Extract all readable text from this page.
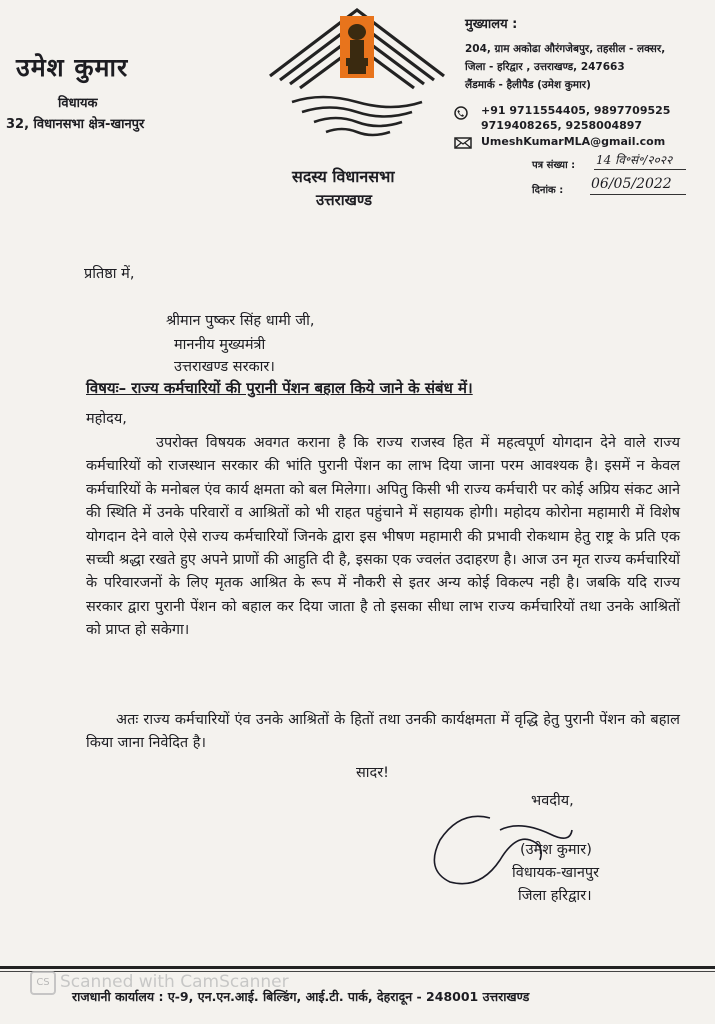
उमेश कुमार
विधायक
32, विधानसभा क्षेत्र-खानपुर
सदस्य विधानसभा
उत्तराखण्ड
मुख्यालय :
204, ग्राम अकोढा औरंगजेबपुर, तहसील - लक्सर,
जिला - हरिद्वार , उत्तराखण्ड, 247663
लैंडमार्क - हैलीपैड (उमेश कुमार)
+91 9711554405, 9897709525
9719408265, 9258004897
UmeshKumarMLA@gmail.com
पत्र संख्या : 14 वि॰सं॰/२०२२
दिनांक : 06/05/2022
प्रतिष्ठा में,
श्रीमान पुष्कर सिंह धामी जी,
माननीय मुख्यमंत्री
उत्तराखण्ड सरकार।
विषयः– राज्य कर्मचारियों की पुरानी पेंशन बहाल किये जाने के संबंध में।
महोदय,
उपरोक्त विषयक अवगत कराना है कि राज्य राजस्व हित में महत्वपूर्ण योगदान देने वाले राज्य कर्मचारियों को राजस्थान सरकार की भांति पुरानी पेंशन का लाभ दिया जाना परम आवश्यक है। इसमें न केवल कर्मचारियों के मनोबल एंव कार्य क्षमता को बल मिलेगा। अपितु किसी भी राज्य कर्मचारी पर कोई अप्रिय संकट आने की स्थिति में उनके परिवारों व आश्रितों को भी राहत पहुंचाने में सहायक होगी। महोदय कोरोना महामारी में विशेष योगदान देने वाले ऐसे राज्य कर्मचारियों जिनके द्वारा इस भीषण महामारी की प्रभावी रोकथाम हेतु राष्ट्र के प्रति एक सच्ची श्रद्धा रखते हुए अपने प्राणों की आहुति दी है, इसका एक ज्वलंत उदाहरण है। आज उन मृत राज्य कर्मचारियों के परिवारजनों के लिए मृतक आश्रित के रूप में नौकरी से इतर अन्य कोई विकल्प नही है। जबकि यदि राज्य सरकार द्वारा पुरानी पेंशन को बहाल कर दिया जाता है तो इसका सीधा लाभ राज्य कर्मचारियों तथा उनके आश्रितों को प्राप्त हो सकेगा।
अतः राज्य कर्मचारियों एंव उनके आश्रितों के हितों तथा उनकी कार्यक्षमता में वृद्धि हेतु पुरानी पेंशन को बहाल किया जाना निवेदित है।
सादर!
भवदीय,
(उमेश कुमार)
विधायक-खानपुर
जिला हरिद्वार।
CS Scanned with CamScanner
राजधानी कार्यालय : ए-9, एन.एन.आई. बिल्डिंग, आई.टी. पार्क, देहरादून - 248001 उत्तराखण्ड
